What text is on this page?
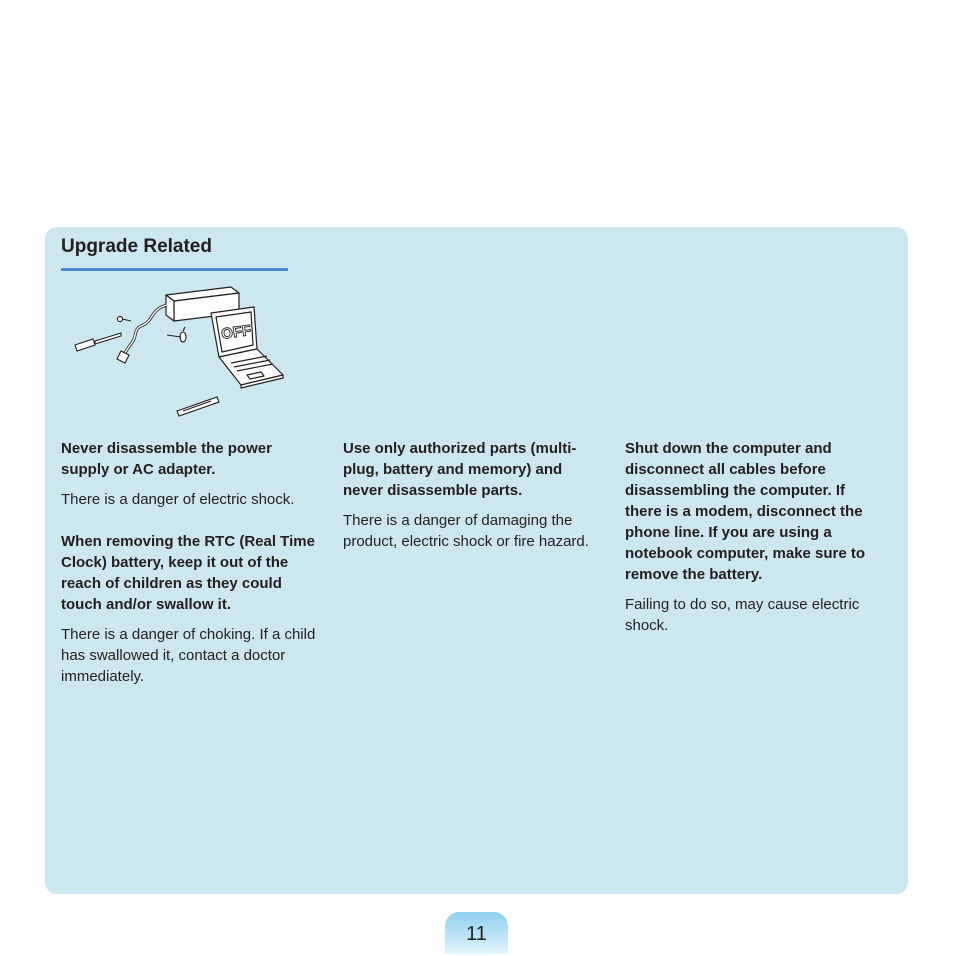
Upgrade Related
OFF

Never disassemble the power supply or AC adapter.

There is a danger of electric shock.

When removing the RTC (Real Time Clock) battery, keep it out of the reach of children as they could touch and/or swallow it.

There is a danger of choking. If a child has swallowed it, contact a doctor immediately.

Use only authorized parts (multi-plug, battery and memory) and never disassemble parts.

There is a danger of damaging the product, electric shock or fire hazard.

Shut down the computer and disconnect all cables before disassembling the computer. If there is a modem, disconnect the phone line. If you are using a notebook computer, make sure to remove the battery.

Failing to do so, may cause electric shock.

11
